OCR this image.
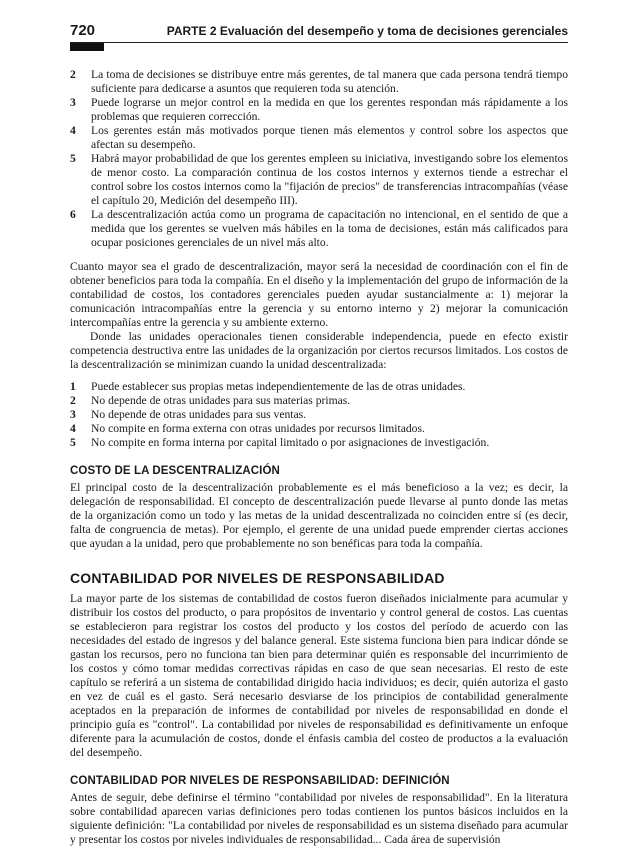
720	PARTE 2 Evaluación del desempeño y toma de decisiones gerenciales
2	La toma de decisiones se distribuye entre más gerentes, de tal manera que cada persona tendrá tiempo suficiente para dedicarse a asuntos que requieren toda su atención.
3	Puede lograrse un mejor control en la medida en que los gerentes respondan más rápidamente a los problemas que requieren corrección.
4	Los gerentes están más motivados porque tienen más elementos y control sobre los aspectos que afectan su desempeño.
5	Habrá mayor probabilidad de que los gerentes empleen su iniciativa, investigando sobre los elementos de menor costo. La comparación continua de los costos internos y externos tiende a estrechar el control sobre los costos internos como la "fijación de precios" de transferencias intracompañías (véase el capítulo 20, Medición del desempeño III).
6	La descentralización actúa como un programa de capacitación no intencional, en el sentido de que a medida que los gerentes se vuelven más hábiles en la toma de decisiones, están más calificados para ocupar posiciones gerenciales de un nivel más alto.

Cuanto mayor sea el grado de descentralización, mayor será la necesidad de coordinación con el fin de obtener beneficios para toda la compañía. En el diseño y la implementación del grupo de información de la contabilidad de costos, los contadores gerenciales pueden ayudar sustancialmente a: 1) mejorar la comunicación intracompañías entre la gerencia y su entorno interno y 2) mejorar la comunicación intercompañías entre la gerencia y su ambiente externo.

Donde las unidades operacionales tienen considerable independencia, puede en efecto existir competencia destructiva entre las unidades de la organización por ciertos recursos limitados. Los costos de la descentralización se minimizan cuando la unidad descentralizada:

1	Puede establecer sus propias metas independientemente de las de otras unidades.
2	No depende de otras unidades para sus materias primas.
3	No depende de otras unidades para sus ventas.
4	No compite en forma externa con otras unidades por recursos limitados.
5	No compite en forma interna por capital limitado o por asignaciones de investigación.
COSTO DE LA DESCENTRALIZACIÓN

El principal costo de la descentralización probablemente es el más beneficioso a la vez; es decir, la delegación de responsabilidad. El concepto de descentralización puede llevarse al punto donde las metas de la organización como un todo y las metas de la unidad descentralizada no coinciden entre sí (es decir, falta de congruencia de metas). Por ejemplo, el gerente de una unidad puede emprender ciertas acciones que ayudan a la unidad, pero que probablemente no son benéficas para toda la compañía.

CONTABILIDAD POR NIVELES DE RESPONSABILIDAD

La mayor parte de los sistemas de contabilidad de costos fueron diseñados inicialmente para acumular y distribuir los costos del producto, o para propósitos de inventario y control general de costos. Las cuentas se establecieron para registrar los costos del producto y los costos del período de acuerdo con las necesidades del estado de ingresos y del balance general. Este sistema funciona bien para indicar dónde se gastan los recursos, pero no funciona tan bien para determinar quién es responsable del incurrimiento de los costos y cómo tomar medidas correctivas rápidas en caso de que sean necesarias. El resto de este capítulo se referirá a un sistema de contabilidad dirigido hacia individuos; es decir, quién autoriza el gasto en vez de cuál es el gasto. Será necesario desviarse de los principios de contabilidad generalmente aceptados en la preparación de informes de contabilidad por niveles de responsabilidad en donde el principio guía es "control". La contabilidad por niveles de responsabilidad es definitivamente un enfoque diferente para la acumulación de costos, donde el énfasis cambia del costeo de productos a la evaluación del desempeño.

CONTABILIDAD POR NIVELES DE RESPONSABILIDAD: DEFINICIÓN

Antes de seguir, debe definirse el término "contabilidad por niveles de responsabilidad". En la literatura sobre contabilidad aparecen varias definiciones pero todas contienen los puntos básicos incluidos en la siguiente definición: "La contabilidad por niveles de responsabilidad es un sistema diseñado para acumular y presentar los costos por niveles individuales de responsabilidad... Cada área de supervisión
